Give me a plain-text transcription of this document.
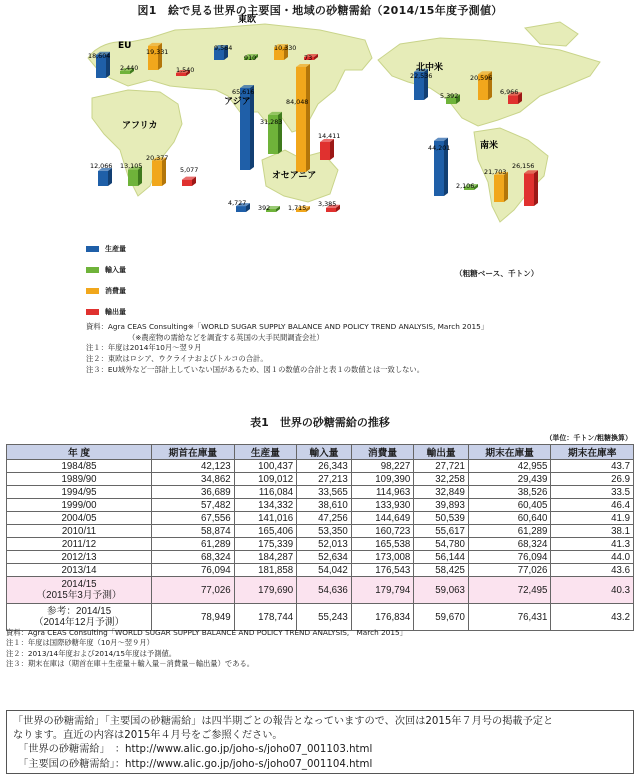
図1　絵で見る世界の主要国・地域の砂糖需給（2014/15年度予測値）
EU
18,604
2,440
19,331
1,540
東欧
9,564
910
10,330
73
アジア
65,616
31,283
84,048
14,411
アフリカ
12,066 13,105
20,377
5,077
オセアニア
4,727
392	1,715 3,385
北中米
22,536
5,392
20,596
6,966
南米
44,201
2,106
21,703
26,156
生産量
輸入量
消費量
輸出量
（粗糖ベース、千トン）
資料：Agra CEAS Consulting※「WORLD SUGAR SUPPLY BALANCE AND POLICY TREND ANALYSIS, March 2015」
（※農産物の需給などを調査する英国の大手民間調査会社）
注１：年度は2014年10月～翌９月
注２：東欧はロシア、ウクライナおよびトルコの合計。
注３：EU域外など一部計上していない国があるため、図１の数値の合計と表１の数値とは一致しない。
表1　世界の砂糖需給の推移
（単位：千トン/粗糖換算）
年 度	期首在庫量	生産量	輸入量	消費量	輸出量	期末在庫量	期末在庫率
1984/85	42,123	100,437	26,343	98,227	27,721	42,955	43.7
1989/90	34,862	109,012	27,213	109,390	32,258	29,439	26.9
1994/95	36,689	116,084	33,565	114,963	32,849	38,526	33.5
1999/00	57,482	134,332	38,610	133,930	39,893	60,405	46.4
2004/05	67,556	141,016	47,256	144,649	50,539	60,640	41.9
2010/11	58,874	165,406	53,350	160,723	55,617	61,289	38.1
2011/12	61,289	175,339	52,013	165,538	54,780	68,324	41.3
2012/13	68,324	184,287	52,634	173,008	56,144	76,094	44.0
2013/14	76,094	181,858	54,042	176,543	58,425	77,026	43.6

2014/15
（2015年3月予測）	77,026	179,690	54,636	179,794	59,063	72,495	40.3

参考：2014/15
（2014年12月予測）	78,949	178,744	55,243	176,834	59,670	76,431	43.2
資料：Agra CEAS Consulting「WORLD SUGAR SUPPLY BALANCE AND POLICY TREND ANALYSIS,　March 2015」
注１：年度は国際砂糖年度（10月～翌９月）
注２：2013/14年度および2014/15年度は予測値。
注３：期末在庫は（期首在庫＋生産量＋輸入量－消費量－輸出量）である。
「世界の砂糖需給」「主要国の砂糖需給」は四半期ごとの報告となっていますので、次回は2015年７月号の掲載予定と
なります。直近の内容は2015年４月号をご参照ください。
　「世界の砂糖需給」　：http://www.alic.go.jp/joho-s/joho07_001103.html
　「主要国の砂糖需給」：http://www.alic.go.jp/joho-s/joho07_001104.html
